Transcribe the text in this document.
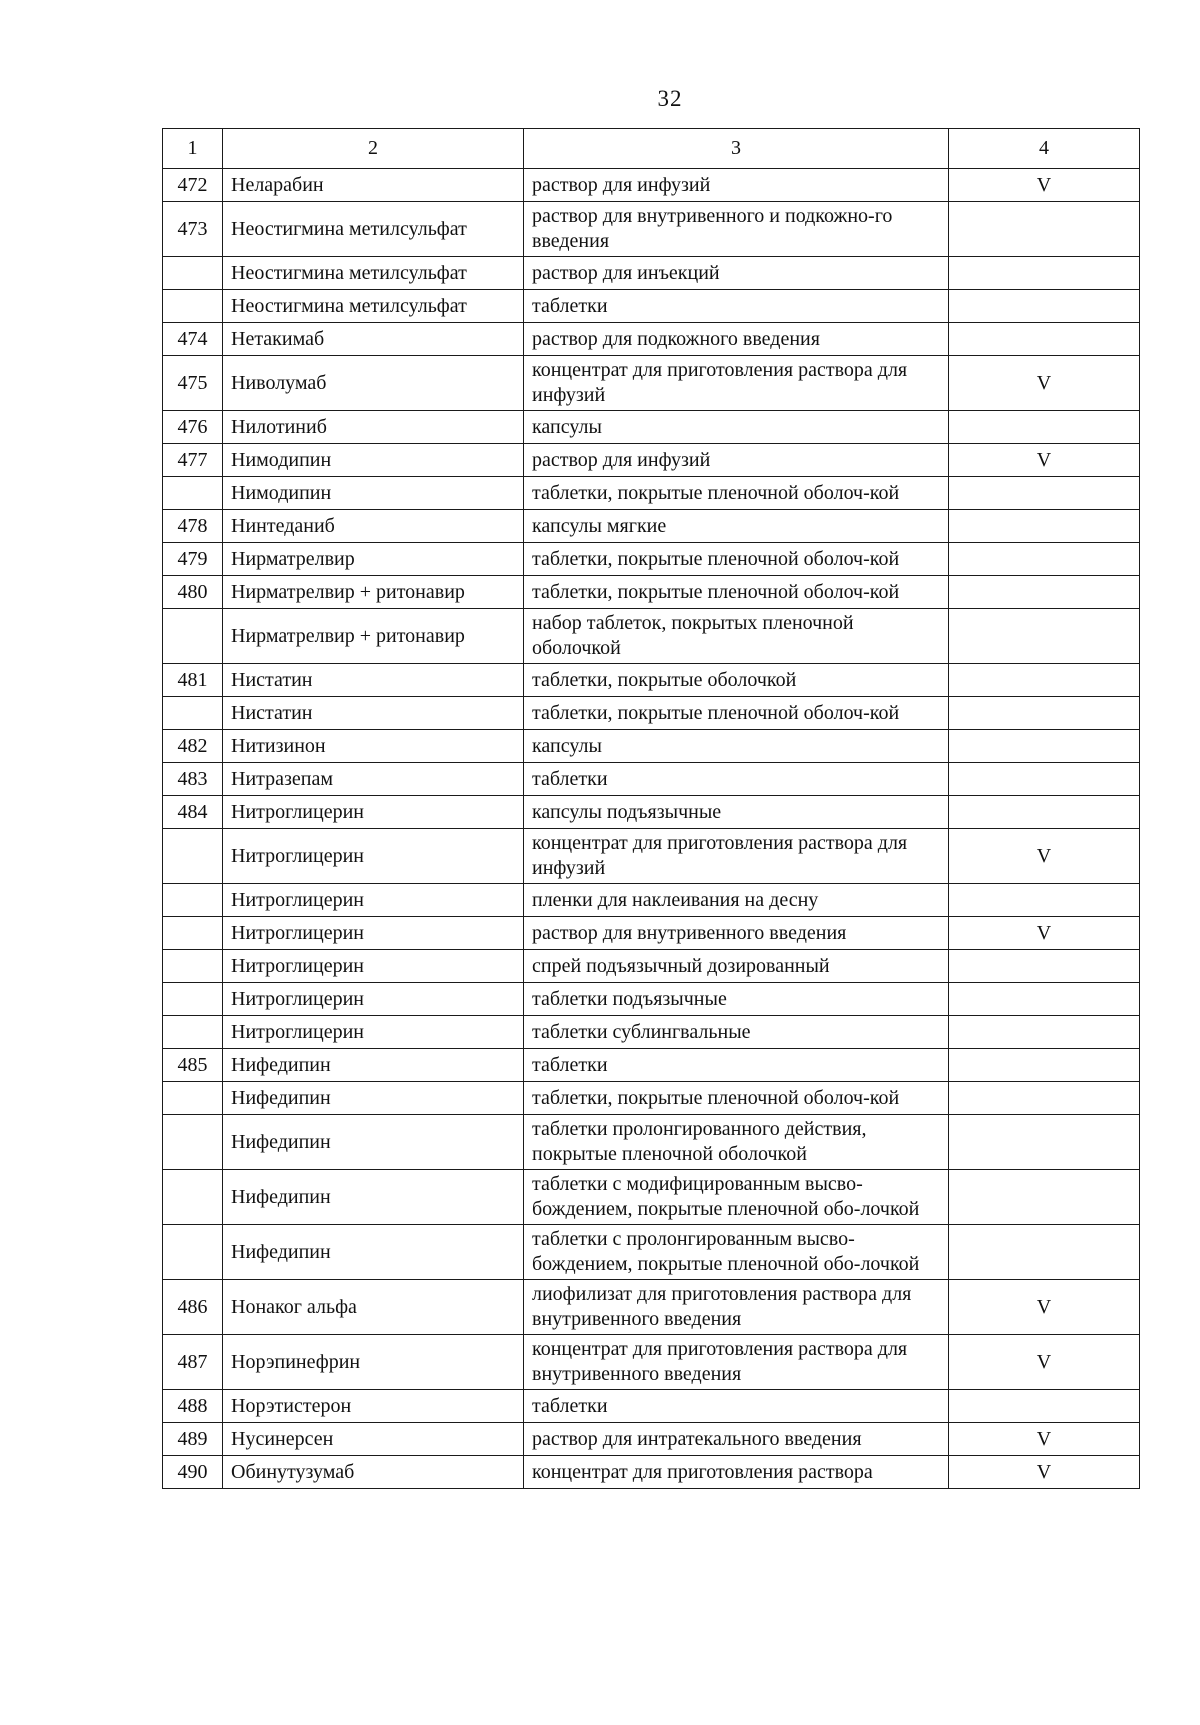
32
1	2	3	4
472	Неларабин	раствор для инфузий	V
473	Неостигмина метилсульфат	раствор для внутривенного и подкожно-го введения	
	Неостигмина метилсульфат	раствор для инъекций	
	Неостигмина метилсульфат	таблетки	
474	Нетакимаб	раствор для подкожного введения	
475	Ниволумаб	концентрат для приготовления раствора для инфузий	V
476	Нилотиниб	капсулы	
477	Нимодипин	раствор для инфузий	V
	Нимодипин	таблетки, покрытые пленочной оболоч-кой	
478	Нинтеданиб	капсулы мягкие	
479	Нирматрелвир	таблетки, покрытые пленочной оболоч-кой	
480	Нирматрелвир + ритонавир	таблетки, покрытые пленочной оболоч-кой	
	Нирматрелвир + ритонавир	набор таблеток, покрытых пленочной оболочкой	
481	Нистатин	таблетки, покрытые оболочкой	
	Нистатин	таблетки, покрытые пленочной оболоч-кой	
482	Нитизинон	капсулы	
483	Нитразепам	таблетки	
484	Нитроглицерин	капсулы подъязычные	
	Нитроглицерин	концентрат для приготовления раствора для инфузий	V
	Нитроглицерин	пленки для наклеивания на десну	
	Нитроглицерин	раствор для внутривенного введения	V
	Нитроглицерин	спрей подъязычный дозированный	
	Нитроглицерин	таблетки подъязычные	
	Нитроглицерин	таблетки сублингвальные	
485	Нифедипин	таблетки	
	Нифедипин	таблетки, покрытые пленочной оболоч-кой	
	Нифедипин	таблетки пролонгированного действия, покрытые пленочной оболочкой	
	Нифедипин	таблетки с модифицированным высво-бождением, покрытые пленочной обо-лочкой	
	Нифедипин	таблетки с пролонгированным высво-бождением, покрытые пленочной обо-лочкой	
486	Нонаког альфа	лиофилизат для приготовления раствора для внутривенного введения	V
487	Норэпинефрин	концентрат для приготовления раствора для внутривенного введения	V
488	Норэтистерон	таблетки	
489	Нусинерсен	раствор для интратекального введения	V
490	Обинутузумаб	концентрат для приготовления раствора	V
